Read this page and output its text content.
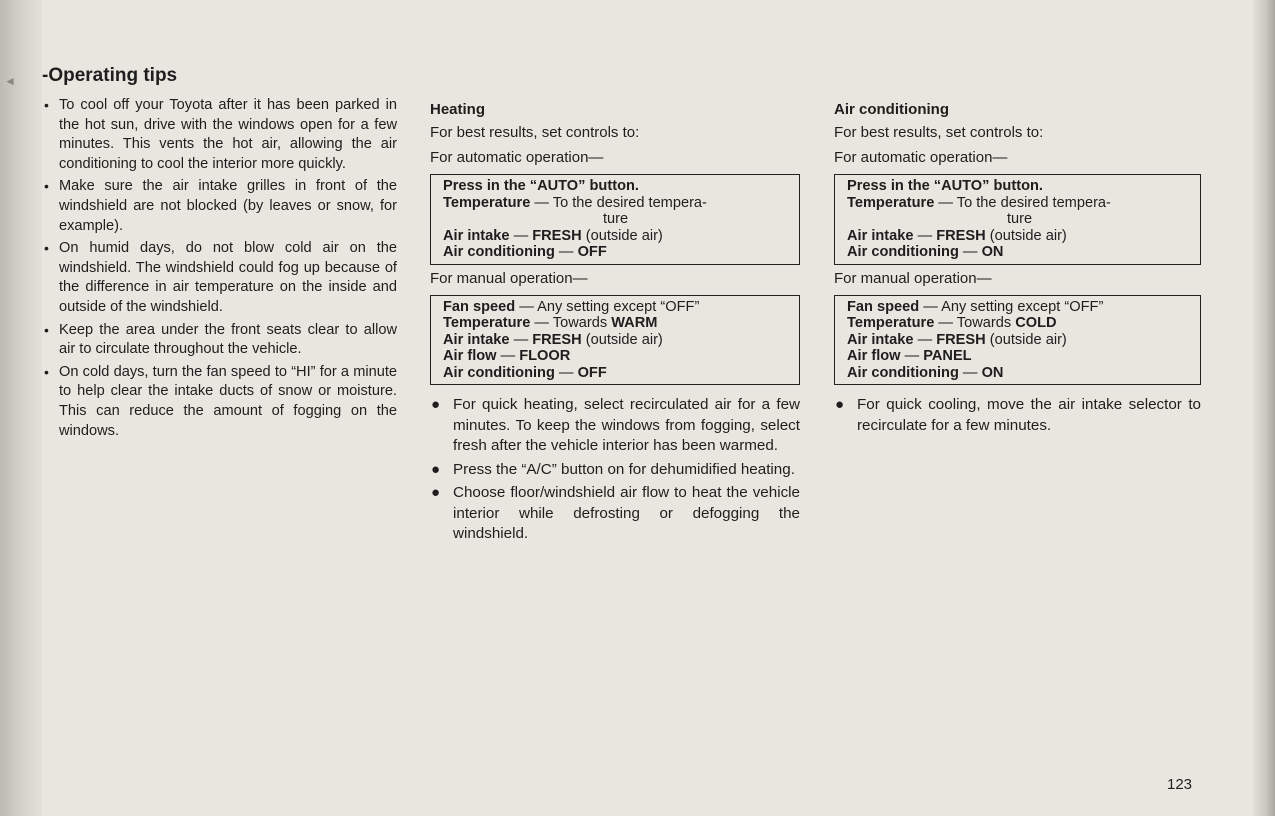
◄ -Operating tips
• To cool off your Toyota after it has been parked in the hot sun, drive with the windows open for a few minutes. This vents the hot air, allowing the air conditioning to cool the interior more quickly.
• Make sure the air intake grilles in front of the windshield are not blocked (by leaves or snow, for example).
• On humid days, do not blow cold air on the windshield. The windshield could fog up because of the difference in air temperature on the inside and outside of the windshield.
• Keep the area under the front seats clear to allow air to circulate throughout the vehicle.
• On cold days, turn the fan speed to “HI” for a minute to help clear the intake ducts of snow or moisture. This can reduce the amount of fogging on the windows.
Heating
For best results, set controls to:
For automatic operation—
Press in the “AUTO” button.
Temperature — To the desired tempera-
ture
Air intake — FRESH (outside air)
Air conditioning — OFF
For manual operation—
Fan speed — Any setting except “OFF”
Temperature — Towards WARM
Air intake — FRESH (outside air)
Air flow — FLOOR
Air conditioning — OFF
● For quick heating, select recirculated air for a few minutes. To keep the windows from fogging, select fresh after the vehicle interior has been warmed.
● Press the “A/C” button on for dehumidified heating.
● Choose floor/windshield air flow to heat the vehicle interior while defrosting or defogging the windshield.
Air conditioning
For best results, set controls to:
For automatic operation—
Press in the “AUTO” button.
Temperature — To the desired tempera-
ture
Air intake — FRESH (outside air)
Air conditioning — ON
For manual operation—
Fan speed — Any setting except “OFF”
Temperature — Towards COLD
Air intake — FRESH (outside air)
Air flow — PANEL
Air conditioning — ON
● For quick cooling, move the air intake selector to recirculate for a few minutes.
123
